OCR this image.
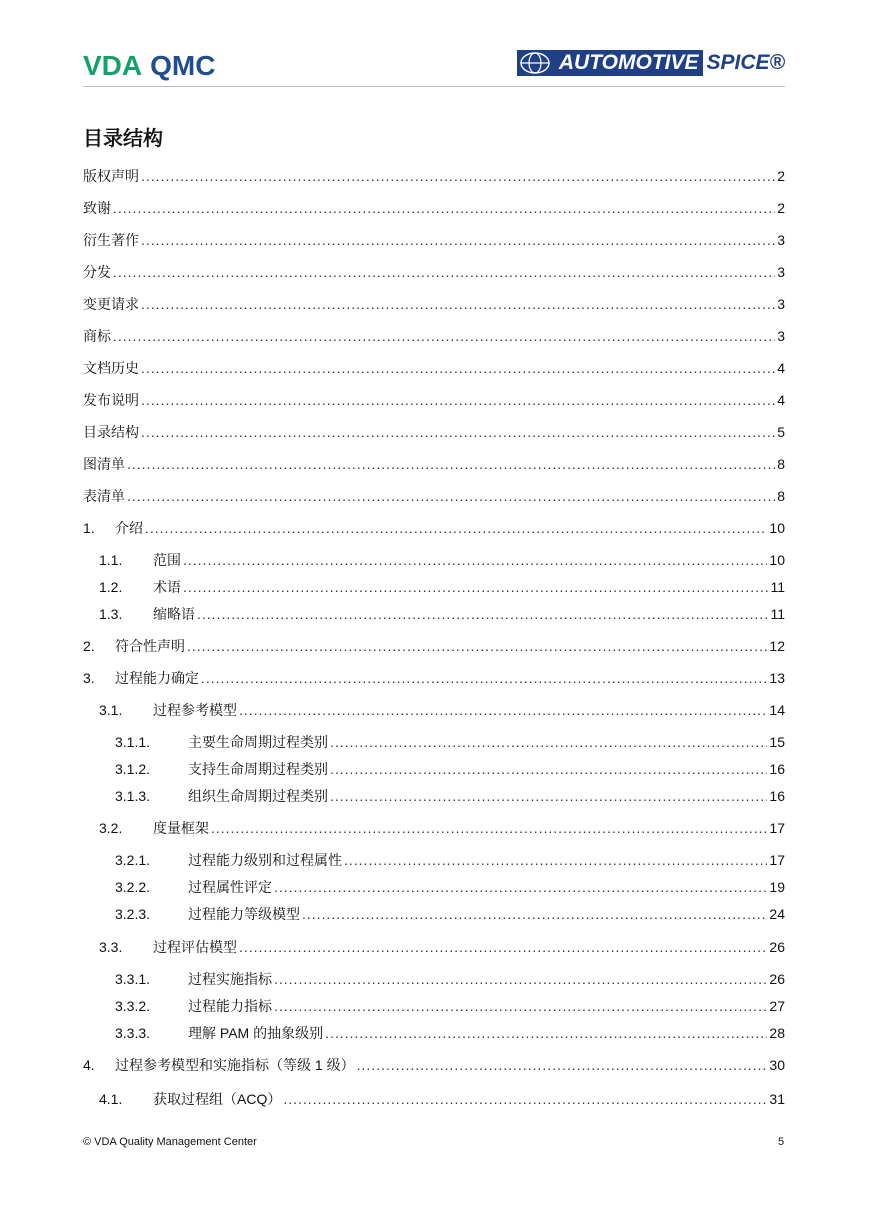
VDA QMC	AUTOMOTIVE SPICE®
目录结构
版权声明 .....	2
致谢 .....	2
衍生著作 .....	3
分发 .....	3
变更请求 .....	3
商标 .....	3
文档历史 .....	4
发布说明 .....	4
目录结构 .....	5
图清单 .....	8
表清单 .....	8
1.	介绍 .....	10
1.1.	范围 .....	10
1.2.	术语 .....	11
1.3.	缩略语 .....	11
2.	符合性声明 .....	12
3.	过程能力确定 .....	13
3.1.	过程参考模型 .....	14
3.1.1.	主要生命周期过程类别 .....	15
3.1.2.	支持生命周期过程类别 .....	16
3.1.3.	组织生命周期过程类别 .....	16
3.2.	度量框架 .....	17
3.2.1.	过程能力级别和过程属性 .....	17
3.2.2.	过程属性评定 .....	19
3.2.3.	过程能力等级模型 .....	24
3.3.	过程评估模型 .....	26
3.3.1.	过程实施指标 .....	26
3.3.2.	过程能力指标 .....	27
3.3.3.	理解 PAM 的抽象级别 .....	28
4.	过程参考模型和实施指标（等级 1 级） .....	30
4.1.	获取过程组（ACQ） .....	31
© VDA Quality Management Center	5
